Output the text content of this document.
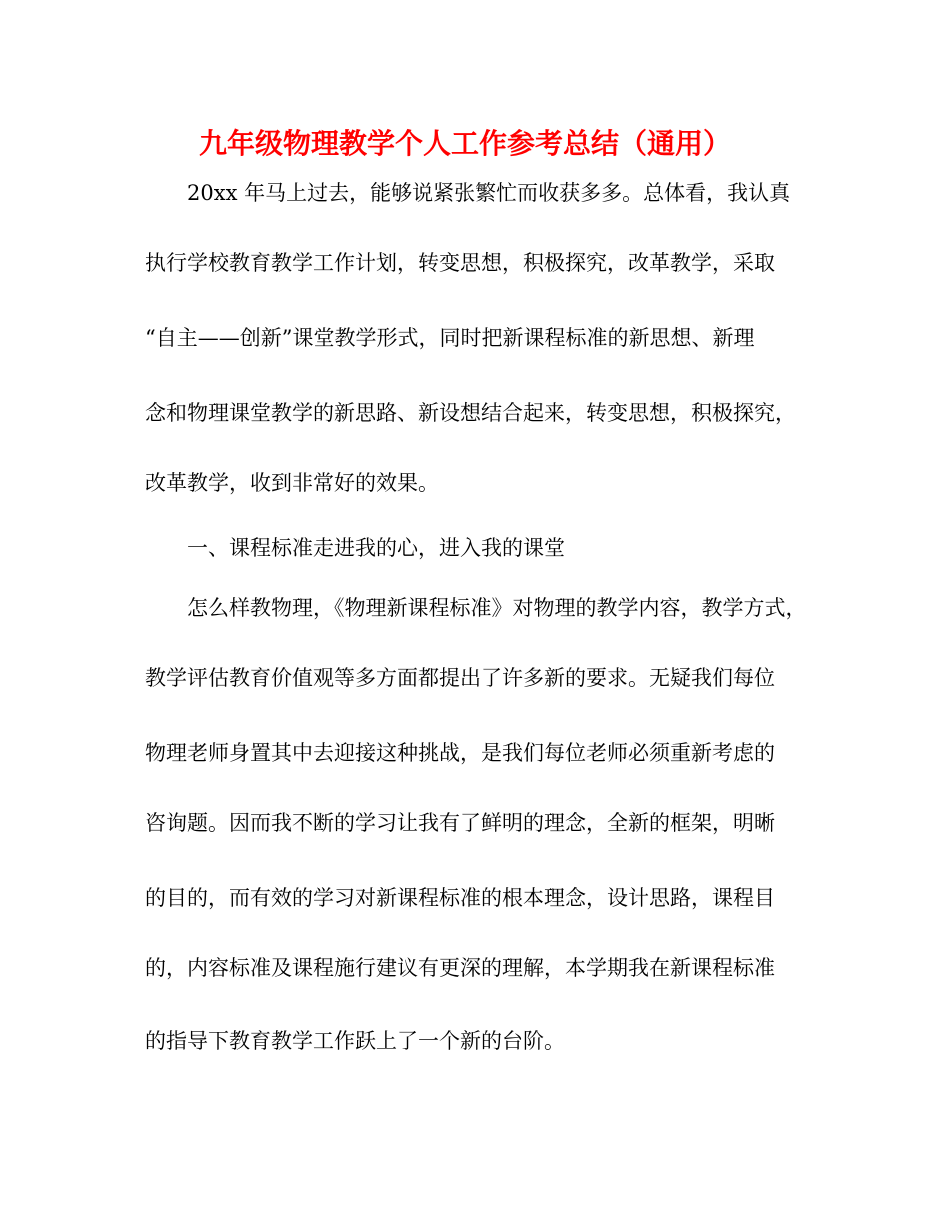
九年级物理教学个人工作参考总结（通用）
20xx 年马上过去，能够说紧张繁忙而收获多多。总体看，我认真
执行学校教育教学工作计划，转变思想，积极探究，改革教学，采取
“自主——创新”课堂教学形式，同时把新课程标准的新思想、新理
念和物理课堂教学的新思路、新设想结合起来，转变思想，积极探究，
改革教学，收到非常好的效果。
一、课程标准走进我的心，进入我的课堂
怎么样教物理，《物理新课程标准》对物理的教学内容，教学方式，
教学评估教育价值观等多方面都提出了许多新的要求。无疑我们每位
物理老师身置其中去迎接这种挑战，是我们每位老师必须重新考虑的
咨询题。因而我不断的学习让我有了鲜明的理念，全新的框架，明晰
的目的，而有效的学习对新课程标准的根本理念，设计思路，课程目
的，内容标准及课程施行建议有更深的理解，本学期我在新课程标准
的指导下教育教学工作跃上了一个新的台阶。
